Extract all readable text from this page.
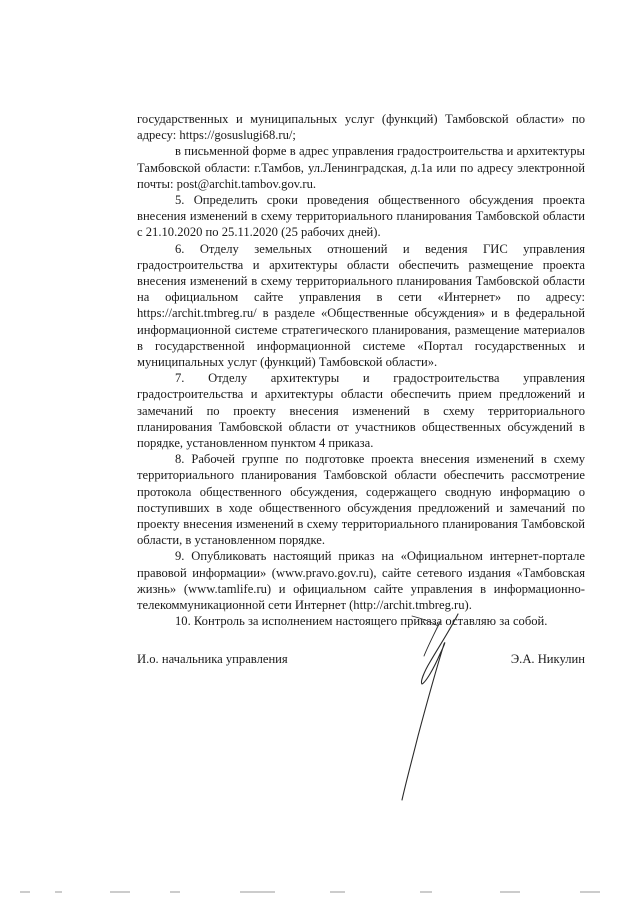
государственных и муниципальных услуг (функций) Тамбовской области» по адресу: https://gosuslugi68.ru/;

в письменной форме в адрес управления градостроительства и архитектуры Тамбовской области: г.Тамбов, ул.Ленинградская, д.1а или по адресу электронной почты: post@archit.tambov.gov.ru.

5. Определить сроки проведения общественного обсуждения проекта внесения изменений в схему территориального планирования Тамбовской области с 21.10.2020 по 25.11.2020 (25 рабочих дней).

6. Отделу земельных отношений и ведения ГИС управления градостроительства и архитектуры области обеспечить размещение проекта внесения изменений в схему территориального планирования Тамбовской области на официальном сайте управления в сети «Интернет» по адресу: https://archit.tmbreg.ru/ в разделе «Общественные обсуждения» и в федеральной информационной системе стратегического планирования, размещение материалов в государственной информационной системе «Портал государственных и муниципальных услуг (функций) Тамбовской области».

7. Отделу архитектуры и градостроительства управления градостроительства и архитектуры области обеспечить прием предложений и замечаний по проекту внесения изменений в схему территориального планирования Тамбовской области от участников общественных обсуждений в порядке, установленном пунктом 4 приказа.

8. Рабочей группе по подготовке проекта внесения изменений в схему территориального планирования Тамбовской области обеспечить рассмотрение протокола общественного обсуждения, содержащего сводную информацию о поступивших в ходе общественного обсуждения предложений и замечаний по проекту внесения изменений в схему территориального планирования Тамбовской области, в установленном порядке.

9. Опубликовать настоящий приказ на «Официальном интернет-портале правовой информации» (www.pravo.gov.ru), сайте сетевого издания «Тамбовская жизнь» (www.tamlife.ru) и официальном сайте управления в информационно-телекоммуникационной сети Интернет (http://archit.tmbreg.ru).

10. Контроль за исполнением настоящего приказа оставляю за собой.

И.о. начальника управления	Э.А. Никулин
